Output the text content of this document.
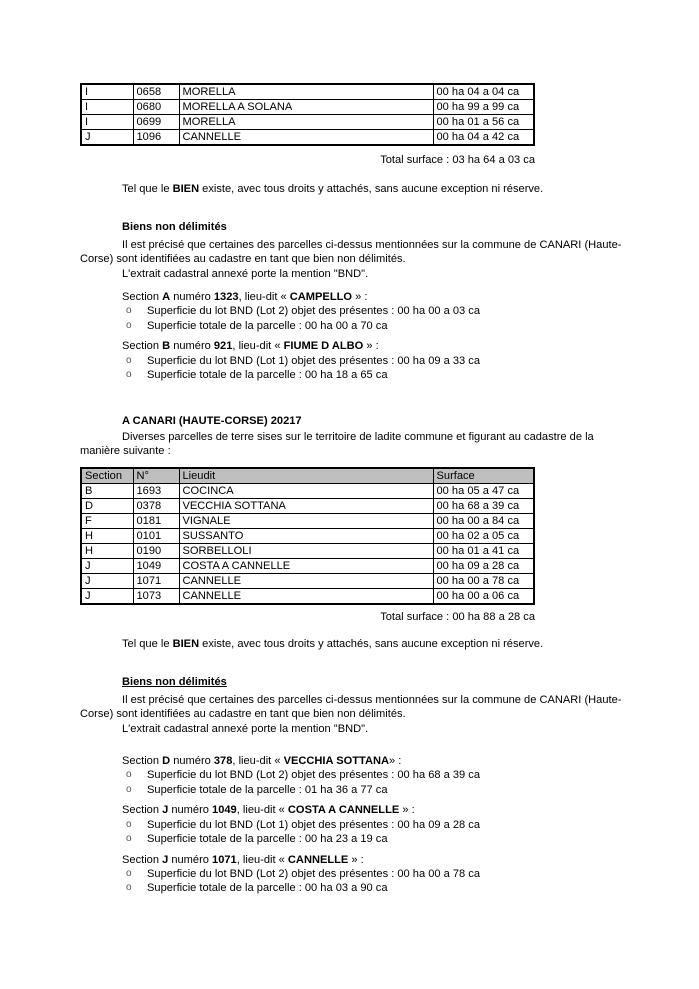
I	0658	MORELLA	00 ha 04 a 04 ca
I	0680	MORELLA A SOLANA	00 ha 99 a 99 ca
I	0699	MORELLA	00 ha 01 a 56 ca
J	1096	CANNELLE	00 ha 04 a 42 ca
Total surface : 03 ha 64 a 03 ca
Tel que le BIEN existe, avec tous droits y attachés, sans aucune exception ni réserve.
Biens non délimités
Il est précisé que certaines des parcelles ci-dessus mentionnées sur la commune de CANARI (Haute-Corse) sont identifiées au cadastre en tant que bien non délimités.
L'extrait cadastral annexé porte la mention "BND".
Section A numéro 1323, lieu-dit « CAMPELLO » :
o Superficie du lot BND (Lot 2) objet des présentes : 00 ha 00 a 03 ca
o Superficie totale de la parcelle : 00 ha 00 a 70 ca
Section B numéro 921, lieu-dit « FIUME D ALBO » :
o Superficie du lot BND (Lot 1) objet des présentes : 00 ha 09 a 33 ca
o Superficie totale de la parcelle : 00 ha 18 a 65 ca
A CANARI (HAUTE-CORSE) 20217
Diverses parcelles de terre sises sur le territoire de ladite commune et figurant au cadastre de la manière suivante :
Section	N°	Lieudit	Surface
B	1693	COCINCA	00 ha 05 a 47 ca
D	0378	VECCHIA SOTTANA	00 ha 68 a 39 ca
F	0181	VIGNALE	00 ha 00 a 84 ca
H	0101	SUSSANTO	00 ha 02 a 05 ca
H	0190	SORBELLOLI	00 ha 01 a 41 ca
J	1049	COSTA A CANNELLE	00 ha 09 a 28 ca
J	1071	CANNELLE	00 ha 00 a 78 ca
J	1073	CANNELLE	00 ha 00 a 06 ca
Total surface : 00 ha 88 a 28 ca
Tel que le BIEN existe, avec tous droits y attachés, sans aucune exception ni réserve.
Biens non délimités
Il est précisé que certaines des parcelles ci-dessus mentionnées sur la commune de CANARI (Haute-Corse) sont identifiées au cadastre en tant que bien non délimités.
L'extrait cadastral annexé porte la mention "BND".
Section D numéro 378, lieu-dit « VECCHIA SOTTANA» :
o Superficie du lot BND (Lot 2) objet des présentes : 00 ha 68 a 39 ca
o Superficie totale de la parcelle : 01 ha 36 a 77 ca
Section J numéro 1049, lieu-dit « COSTA A CANNELLE » :
o Superficie du lot BND (Lot 1) objet des présentes : 00 ha 09 a 28 ca
o Superficie totale de la parcelle : 00 ha 23 a 19 ca
Section J numéro 1071, lieu-dit « CANNELLE » :
o Superficie du lot BND (Lot 2) objet des présentes : 00 ha 00 a 78 ca
o Superficie totale de la parcelle : 00 ha 03 a 90 ca
